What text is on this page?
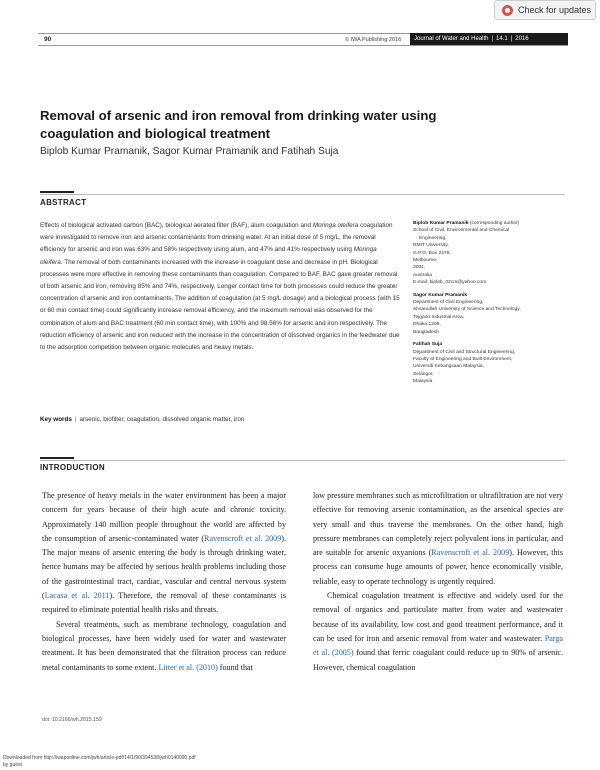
Check for updates
90	© IWA Publishing 2016 Journal of Water and Health | 14.1 | 2016
Removal of arsenic and iron removal from drinking water using coagulation and biological treatment
Biplob Kumar Pramanik, Sagor Kumar Pramanik and Fatihah Suja
ABSTRACT
Effects of biological activated carbon (BAC), biological aerated filter (BAF), alum coagulation and Moringa oleifera coagulation were investigated to remove iron and arsenic contaminants from drinking water. At an initial dose of 5 mg/L, the removal efficiency for arsenic and iron was 63% and 58% respectively using alum, and 47% and 41% respectively using Moringa oleifera. The removal of both contaminants increased with the increase in coagulant dose and decrease in pH. Biological processes were more effective in removing these contaminants than coagulation. Compared to BAF, BAC gave greater removal of both arsenic and iron, removing 85% and 74%, respectively. Longer contact time for both processes could reduce the greater concentration of arsenic and iron contaminants. The addition of coagulation (at 5 mg/L dosage) and a biological process (with 15 or 60 min contact time) could significantly increase removal efficiency, and the maximum removal was observed for the combination of alum and BAC treatment (60 min contact time), with 100% and 98.56% for arsenic and iron respectively. The reduction efficiency of arsenic and iron reduced with the increase in the concentration of dissolved organics in the feedwater due to the adsorption competition between organic molecules and heavy metals.
Key words | arsenic, biofilter, coagulation, dissolved organic matter, iron
Biplob Kumar Pramanik (corresponding author)
School of Civil, Environmental and Chemical
Engineering,
RMIT University,
G.P.O. Box 2476,
Melbourne,
3001,
Australia
E-mail: biplob_02cm@yahoo.com
Sagor Kumar Pramanik
Department of Civil Engineering,
Ahsanullah University of Science and Technology,
Tejgaon Industrial Area,
Dhaka 1208,
Bangladesh
Fatihah Suja
Department of Civil and Structural Engineering,
Faculty of Engineering and Built Environment,
Universiti Kebangsaan Malaysia,
Selangor,
Malaysia
INTRODUCTION

The presence of heavy metals in the water environment has been a major concern for years because of their high acute and chronic toxicity. Approximately 140 million people throughout the world are affected by the consumption of arsenic-contaminated water (Ravenscroft et al. 2009). The major means of arsenic entering the body is through drinking water, hence humans may be affected by serious health problems including those of the gastrointestinal tract, cardiac, vascular and central nervous system (Lacasa et al. 2011). Therefore, the removal of these contaminants is required to eliminate potential health risks and threats.

Several treatments, such as membrane technology, coagulation and biological processes, have been widely used for water and wastewater treatment. It has been demonstrated that the filtration process can reduce metal contaminants to some extent. Litter et al. (2010) found that

low pressure membranes such as microfiltration or ultrafiltration are not very effective for removing arsenic contamination, as the arsenical species are very small and thus traverse the membranes. On the other hand, high pressure membranes can completely reject polyvalent ions in particular, and are suitable for arsenic oxyanions (Ravenscroft et al. 2009). However, this process can consume huge amounts of power, hence economically visible, reliable, easy to operate technology is urgently required.

Chemical coagulation treatment is effective and widely used for the removal of organics and particulate matter from water and wastewater because of its availability, low cost and good treatment performance, and it can be used for iron and arsenic removal from water and wastewater. Parga et al. (2005) found that ferric coagulant could reduce up to 90% of arsenic. However, chemical coagulation

doi: 10.2166/wh.2015.159
Downloaded from http://iwaponline.com/jwh/article-pdf/14/1/90/394538/jwh0140090.pdf
by guest
